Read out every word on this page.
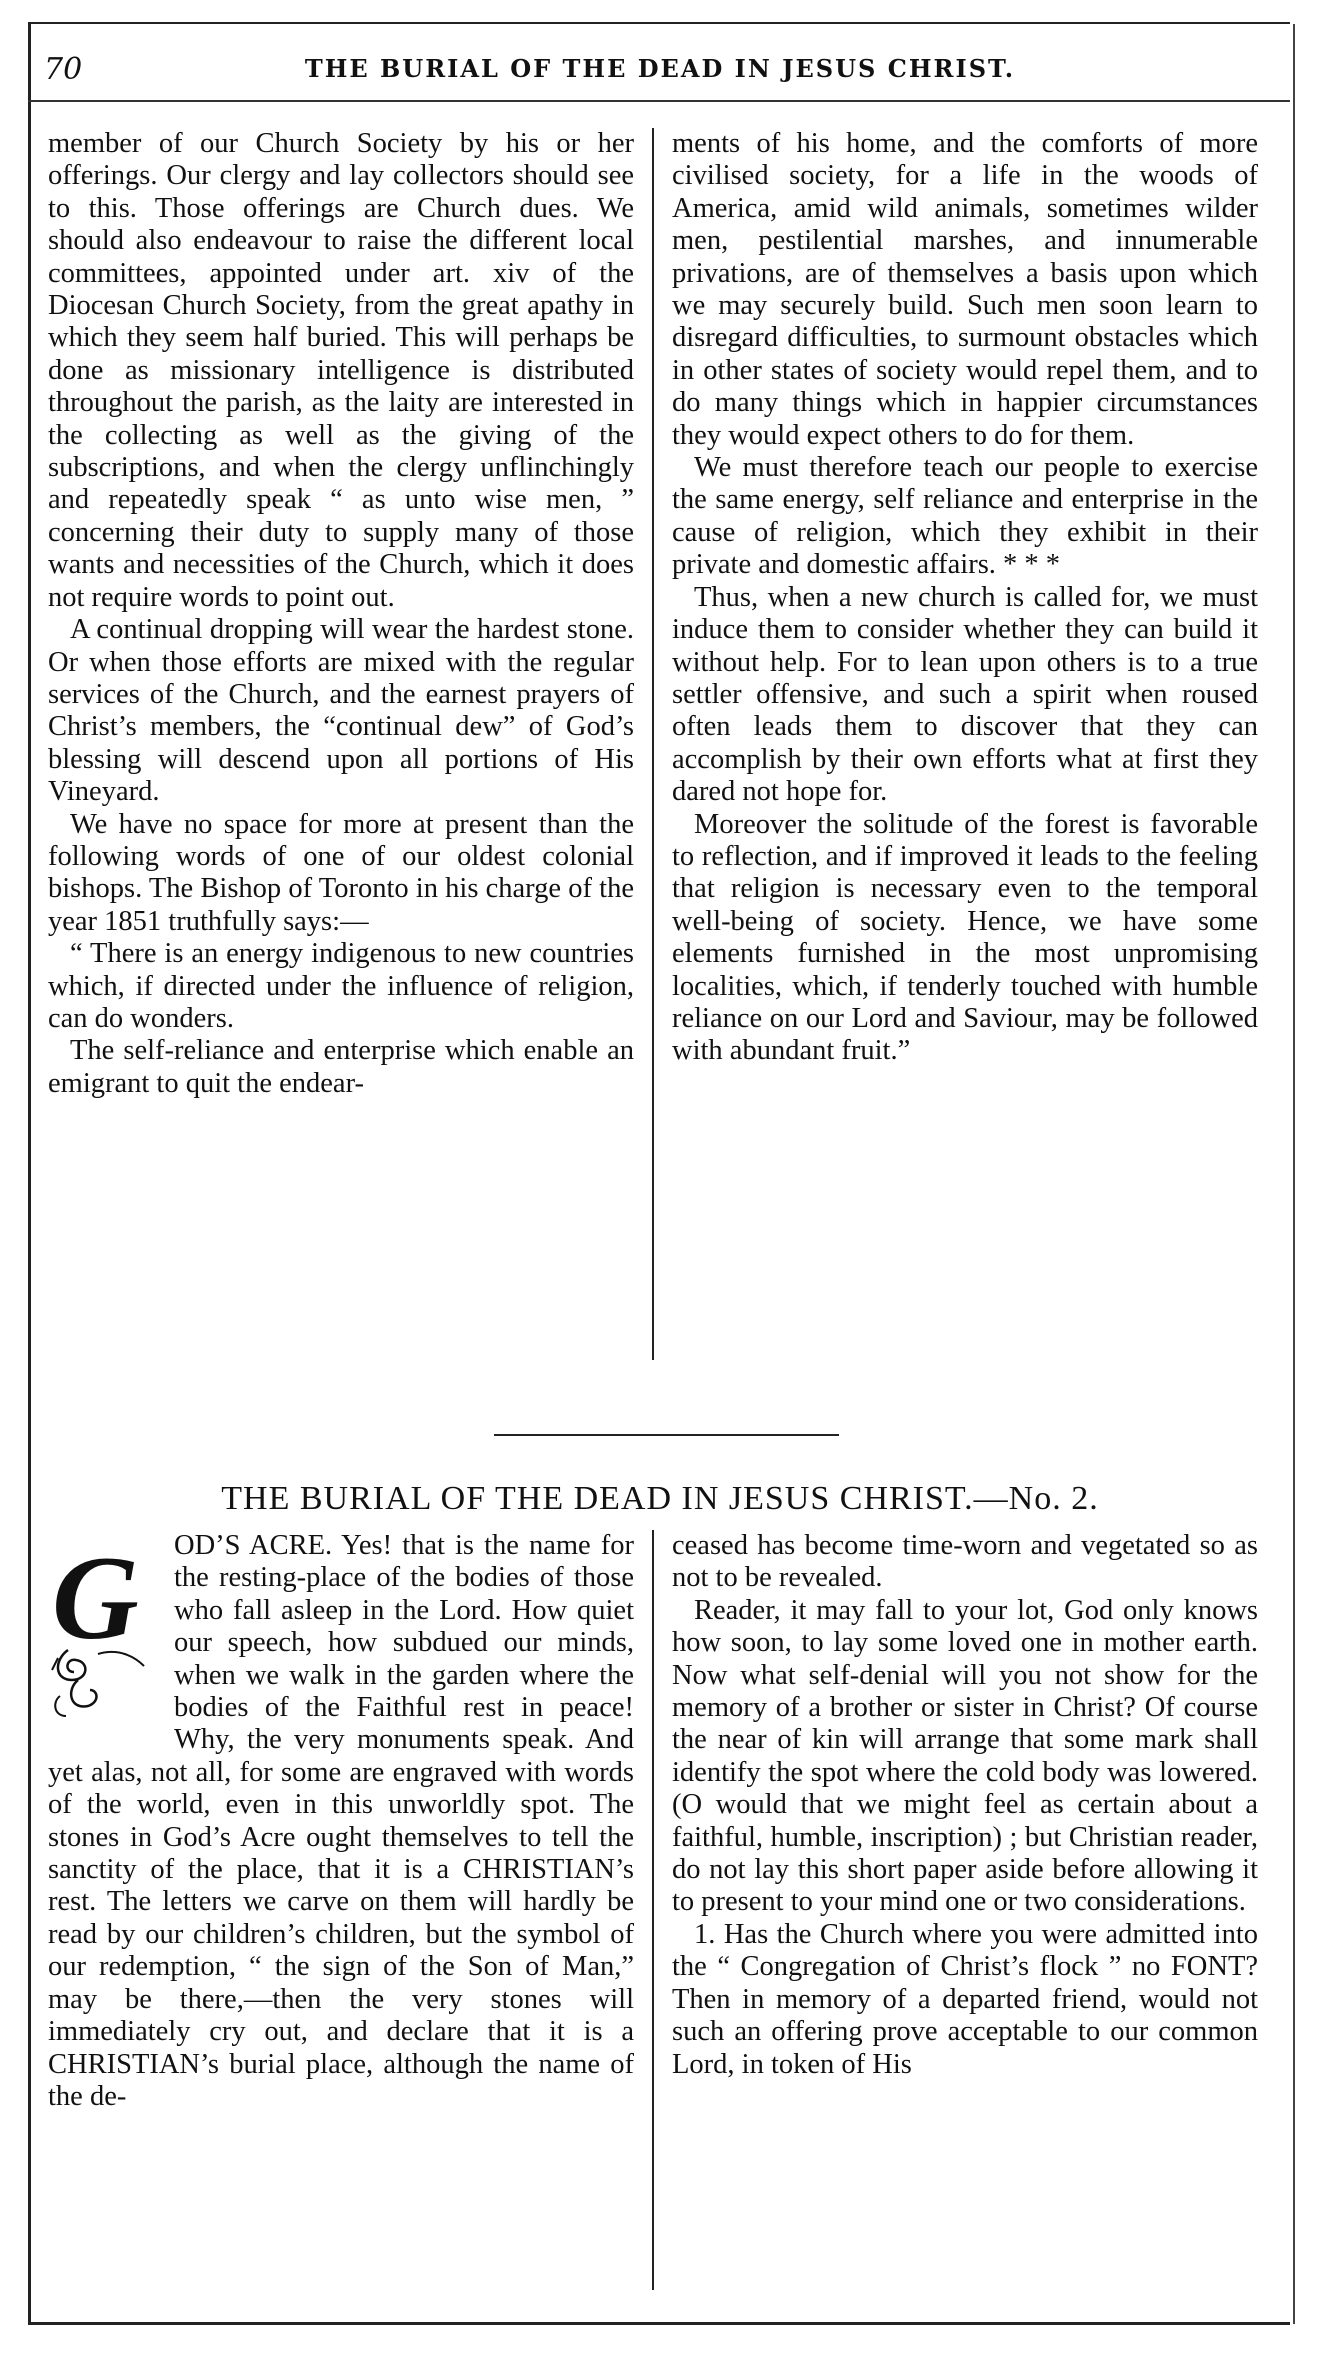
70	THE BURIAL OF THE DEAD IN JESUS CHRIST.

member of our Church Society by his or her offerings. Our clergy and lay collectors should see to this. Those offerings are Church dues. We should also endeavour to raise the different local committees, appointed under art. xiv of the Diocesan Church Society, from the great apathy in which they seem half buried. This will perhaps be done as missionary intelligence is distributed throughout the parish, as the laity are interested in the collecting as well as the giving of the subscriptions, and when the clergy unflinchingly and repeatedly speak “ as unto wise men, ” concerning their duty to supply many of those wants and necessities of the Church, which it does not require words to point out.

A continual dropping will wear the hardest stone. Or when those efforts are mixed with the regular services of the Church, and the earnest prayers of Christ’s members, the “continual dew” of God’s blessing will descend upon all portions of His Vineyard.

We have no space for more at present than the following words of one of our oldest colonial bishops. The Bishop of Toronto in his charge of the year 1851 truthfully says:—

“ There is an energy indigenous to new countries which, if directed under the influence of religion, can do wonders.

The self-reliance and enterprise which enable an emigrant to quit the endear-

ments of his home, and the comforts of more civilised society, for a life in the woods of America, amid wild animals, sometimes wilder men, pestilential marshes, and innumerable privations, are of themselves a basis upon which we may securely build. Such men soon learn to disregard difficulties, to surmount obstacles which in other states of society would repel them, and to do many things which in happier circumstances they would expect others to do for them.

We must therefore teach our people to exercise the same energy, self reliance and enterprise in the cause of religion, which they exhibit in their private and domestic affairs. * * *

Thus, when a new church is called for, we must induce them to consider whether they can build it without help. For to lean upon others is to a true settler offensive, and such a spirit when roused often leads them to discover that they can accomplish by their own efforts what at first they dared not hope for.

Moreover the solitude of the forest is favorable to reflection, and if improved it leads to the feeling that religion is necessary even to the temporal well-being of society. Hence, we have some elements furnished in the most unpromising localities, which, if tenderly touched with humble reliance on our Lord and Saviour, may be followed with abundant fruit.”

THE BURIAL OF THE DEAD IN JESUS CHRIST.—No. 2.
G	OD’S ACRE. Yes! that is the name for the resting-place of the bodies of those who fall asleep in the Lord. How quiet our speech, how subdued our minds, when we walk in the garden where the bodies of the Faithful rest in peace! Why, the very monuments speak. And yet alas, not all, for some are engraved with words of the world, even in this unworldly spot. The stones in God’s Acre ought themselves to tell the sanctity of the place, that it is a CHRISTIAN’s rest. The letters we carve on them will hardly be read by our children’s children, but the symbol of our redemption, “ the sign of the Son of Man,” may be there,—then the very stones will immediately cry out, and declare that it is a CHRISTIAN’s burial place, although the name of the de-

ceased has become time-worn and vegetated so as not to be revealed.

Reader, it may fall to your lot, God only knows how soon, to lay some loved one in mother earth. Now what self-denial will you not show for the memory of a brother or sister in Christ? Of course the near of kin will arrange that some mark shall identify the spot where the cold body was lowered. (O would that we might feel as certain about a faithful, humble, inscription) ; but Christian reader, do not lay this short paper aside before allowing it to present to your mind one or two considerations.

1. Has the Church where you were admitted into the “ Congregation of Christ’s flock ” no FONT? Then in memory of a departed friend, would not such an offering prove acceptable to our common Lord, in token of His
